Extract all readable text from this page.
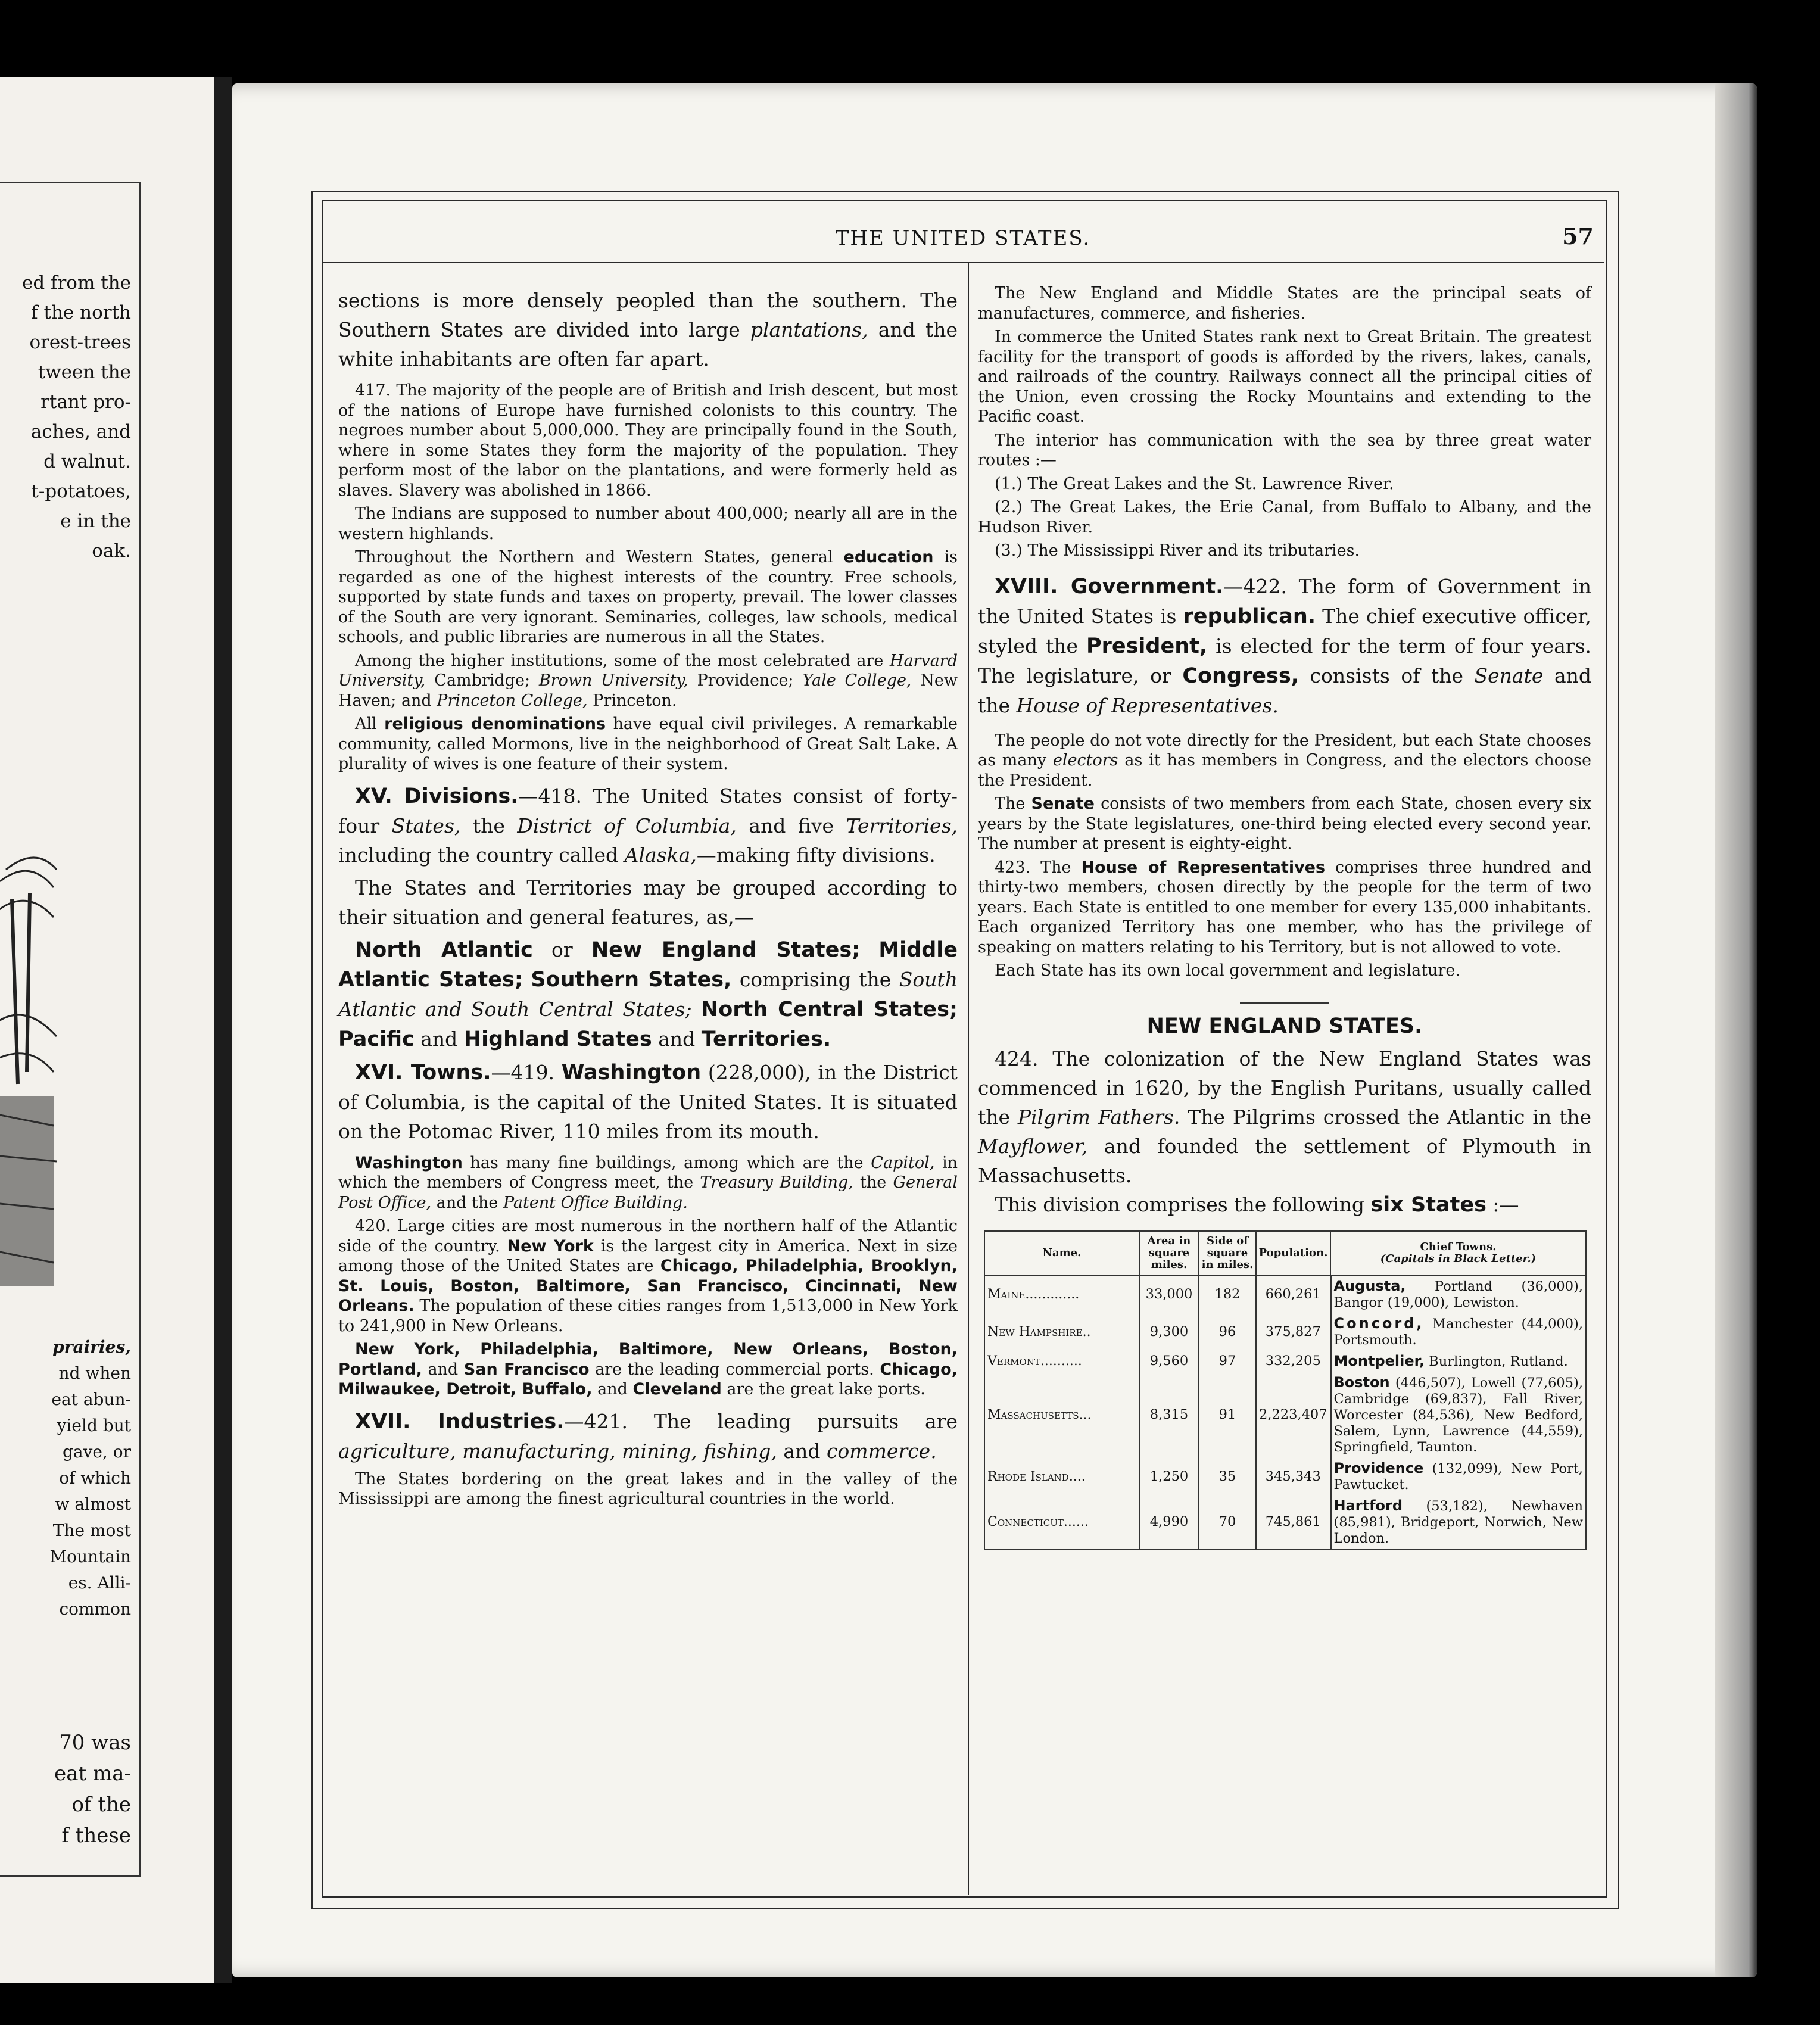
ed from the
f the north
orest-trees
tween the
rtant pro-
aches, and
d walnut.
t-potatoes,
e in the
oak.
prairies,
nd when
eat abun-
yield but
gave, or
of which
w almost
The most
Mountain
es. Alli-
common
70 was
eat ma-
of the
f these
THE UNITED STATES.	57

sections is more densely peopled than the southern. The Southern States are divided into large plantations, and the white inhabitants are often far apart.

417. The majority of the people are of British and Irish descent, but most of the nations of Europe have furnished colonists to this country. The negroes number about 5,000,000. They are principally found in the South, where in some States they form the majority of the population. They perform most of the labor on the plantations, and were formerly held as slaves. Slavery was abolished in 1866.

The Indians are supposed to number about 400,000; nearly all are in the western highlands.

Throughout the Northern and Western States, general education is regarded as one of the highest interests of the country. Free schools, supported by state funds and taxes on property, prevail. The lower classes of the South are very ignorant. Seminaries, colleges, law schools, medical schools, and public libraries are numerous in all the States.

Among the higher institutions, some of the most celebrated are Harvard University, Cambridge; Brown University, Providence; Yale College, New Haven; and Princeton College, Princeton.

All religious denominations have equal civil privileges. A remarkable community, called Mormons, live in the neighborhood of Great Salt Lake. A plurality of wives is one feature of their system.

XV. Divisions.—418. The United States consist of forty-four States, the District of Columbia, and five Territories, including the country called Alaska,—making fifty divisions.

The States and Territories may be grouped according to their situation and general features, as,—

North Atlantic or New England States; Middle Atlantic States; Southern States, comprising the South Atlantic and South Central States; North Central States; Pacific and Highland States and Territories.

XVI. Towns.—419. Washington (228,000), in the District of Columbia, is the capital of the United States. It is situated on the Potomac River, 110 miles from its mouth.

Washington has many fine buildings, among which are the Capitol, in which the members of Congress meet, the Treasury Building, the General Post Office, and the Patent Office Building.

420. Large cities are most numerous in the northern half of the Atlantic side of the country. New York is the largest city in America. Next in size among those of the United States are Chicago, Philadelphia, Brooklyn, St. Louis, Boston, Baltimore, San Francisco, Cincinnati, New Orleans. The population of these cities ranges from 1,513,000 in New York to 241,900 in New Orleans.

New York, Philadelphia, Baltimore, New Orleans, Boston, Portland, and San Francisco are the leading commercial ports. Chicago, Milwaukee, Detroit, Buffalo, and Cleveland are the great lake ports.

XVII. Industries.—421. The leading pursuits are agriculture, manufacturing, mining, fishing, and commerce.

The States bordering on the great lakes and in the valley of the Mississippi are among the finest agricultural countries in the world.

The New England and Middle States are the principal seats of manufactures, commerce, and fisheries.

In commerce the United States rank next to Great Britain. The greatest facility for the transport of goods is afforded by the rivers, lakes, canals, and railroads of the country. Railways connect all the principal cities of the Union, even crossing the Rocky Mountains and extending to the Pacific coast.

The interior has communication with the sea by three great water routes :—

(1.) The Great Lakes and the St. Lawrence River.

(2.) The Great Lakes, the Erie Canal, from Buffalo to Albany, and the Hudson River.

(3.) The Mississippi River and its tributaries.

XVIII. Government.—422. The form of Government in the United States is republican. The chief executive officer, styled the President, is elected for the term of four years. The legislature, or Congress, consists of the Senate and the House of Representatives.

The people do not vote directly for the President, but each State chooses as many electors as it has members in Congress, and the electors choose the President.

The Senate consists of two members from each State, chosen every six years by the State legislatures, one-third being elected every second year. The number at present is eighty-eight.

423. The House of Representatives comprises three hundred and thirty-two members, chosen directly by the people for the term of two years. Each State is entitled to one member for every 135,000 inhabitants. Each organized Territory has one member, who has the privilege of speaking on matters relating to his Territory, but is not allowed to vote.

Each State has its own local government and legislature.

NEW ENGLAND STATES.

424. The colonization of the New England States was commenced in 1620, by the English Puritans, usually called the Pilgrim Fathers. The Pilgrims crossed the Atlantic in the Mayflower, and founded the settlement of Plymouth in Massachusetts.

This division comprises the following six States :—

Name.	Area in square miles.	Side of square in miles.	Population.	Chief Towns.
(Capitals in Black Letter.)
Maine.............	33,000	182	660,261	Augusta, Portland (36,000), Bangor (19,000), Lewiston.
New Hampshire..	9,300	96	375,827	Concord, Manchester (44,000), Portsmouth.
Vermont..........	9,560	97	332,205	Montpelier, Burlington, Rutland.
Massachusetts...	8,315	91	2,223,407	Boston (446,507), Lowell (77,605), Cambridge (69,837), Fall River, Worcester (84,536), New Bedford, Salem, Lynn, Lawrence (44,559), Springfield, Taunton.
Rhode Island....	1,250	35	345,343	Providence (132,099), New Port, Pawtucket.
Connecticut......	4,990	70	745,861	Hartford (53,182), Newhaven (85,981), Bridgeport, Norwich, New London.
